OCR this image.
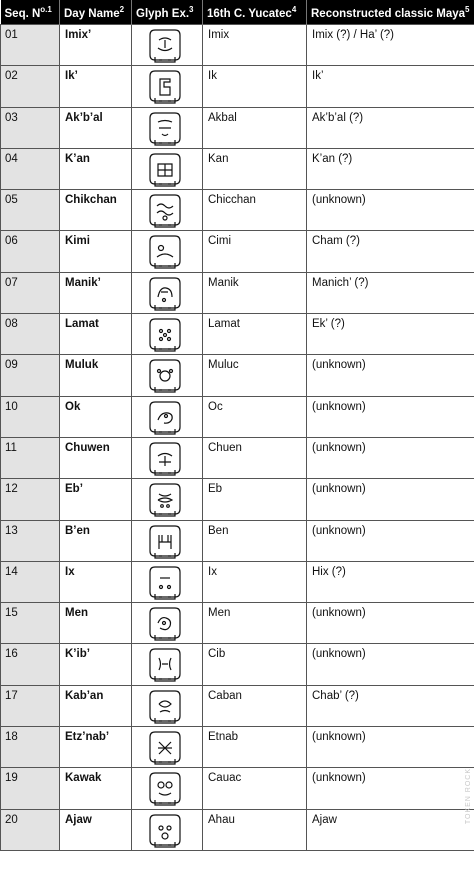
Seq. $N^{o.1}$	Day Name$^2$	Glyph Ex.$^3$	16th C. Yucatec$^4$	Reconstructed classic Maya$^5$
01	Imix’		Imix	Imix (?) / Ha’ (?)
02	Ik’		Ik	Ik’
03	Ak’b’al		Akbal	Ak’b’al (?)
04	K’an		Kan	K’an (?)
05	Chikchan		Chicchan	(unknown)
06	Kimi		Cimi	Cham (?)
07	Manik’		Manik	Manich’ (?)
08	Lamat		Lamat	Ek’ (?)
09	Muluk		Muluc	(unknown)
10	Ok		Oc	(unknown)
11	Chuwen		Chuen	(unknown)
12	Eb’		Eb	(unknown)
13	B’en		Ben	(unknown)
14	Ix		Ix	Hix (?)
15	Men		Men	(unknown)
16	K’ib’		Cib	(unknown)
17	Kab’an		Caban	Chab’ (?)
18	Etz’nab’		Etnab	(unknown)
19	Kawak		Cauac	(unknown)
20	Ajaw		Ahau	Ajaw	TOKEN ROCK
